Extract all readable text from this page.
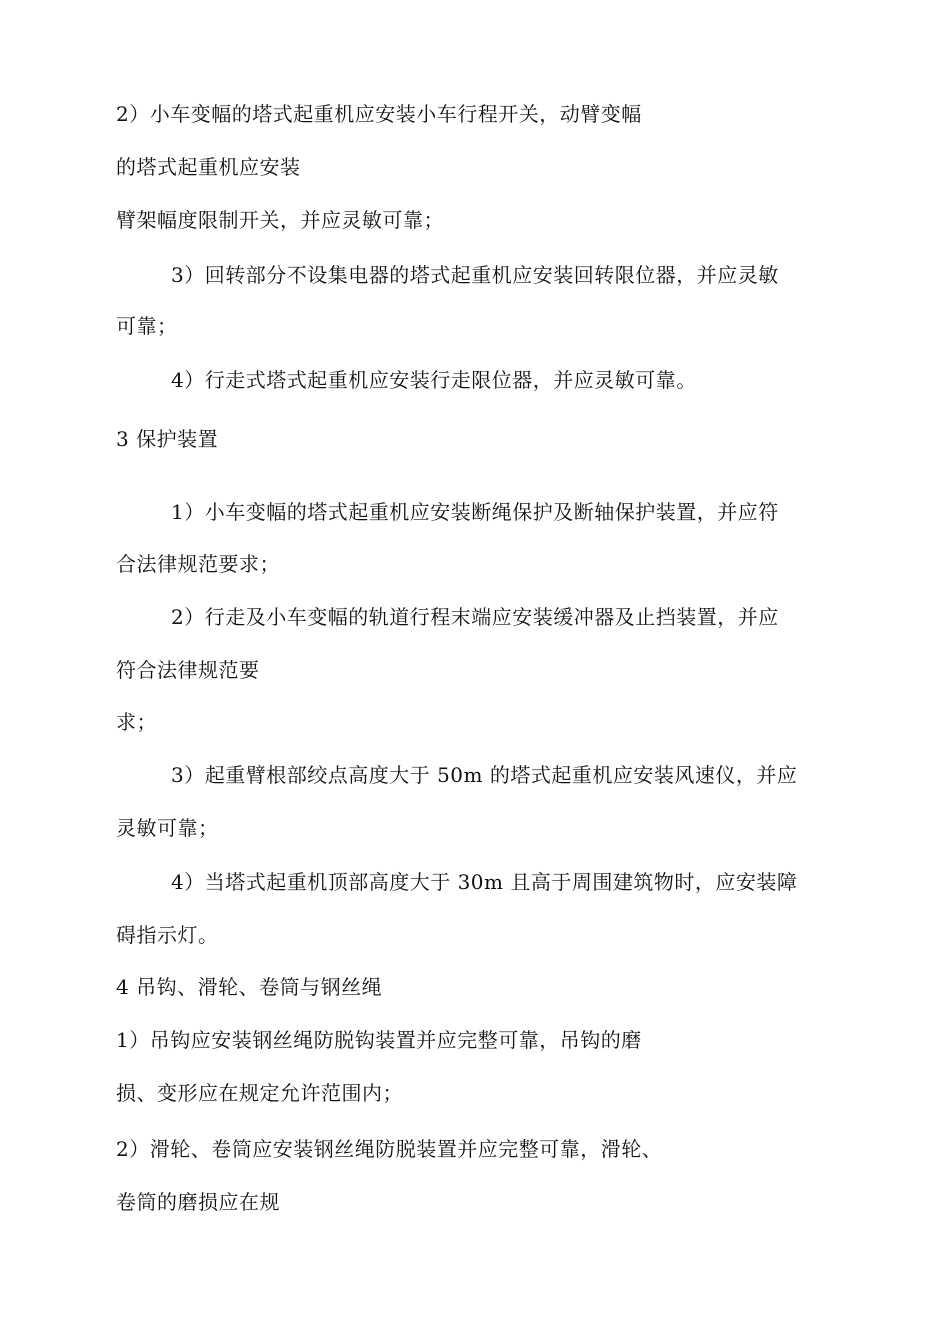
2）小车变幅的塔式起重机应安装小车行程开关，动臂变幅
的塔式起重机应安装
臂架幅度限制开关，并应灵敏可靠；
3）回转部分不设集电器的塔式起重机应安装回转限位器，并应灵敏
可靠；
4）行走式塔式起重机应安装行走限位器，并应灵敏可靠。
3 保护装置
1）小车变幅的塔式起重机应安装断绳保护及断轴保护装置，并应符
合法律规范要求；
2）行走及小车变幅的轨道行程末端应安装缓冲器及止挡装置，并应
符合法律规范要
求；
3）起重臂根部绞点高度大于 50m 的塔式起重机应安装风速仪，并应
灵敏可靠；
4）当塔式起重机顶部高度大于 30m 且高于周围建筑物时，应安装障
碍指示灯。
4 吊钩、滑轮、卷筒与钢丝绳
1）吊钩应安装钢丝绳防脱钩装置并应完整可靠，吊钩的磨
损、变形应在规定允许范围内；
2）滑轮、卷筒应安装钢丝绳防脱装置并应完整可靠，滑轮、
卷筒的磨损应在规
